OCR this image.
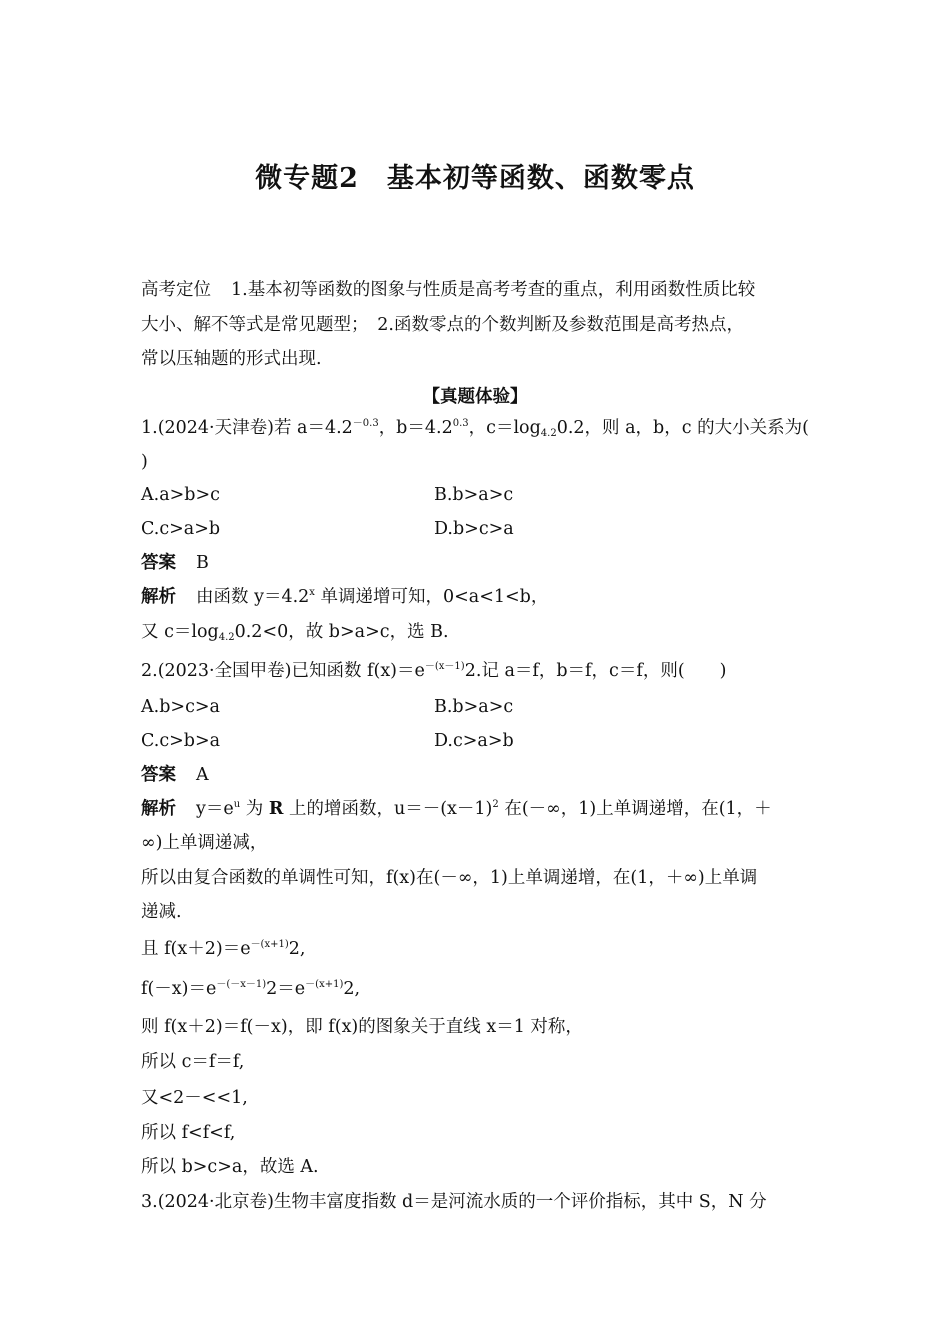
微专题2　基本初等函数、函数零点
高考定位 1.基本初等函数的图象与性质是高考考查的重点，利用函数性质比较
大小、解不等式是常见题型；　2.函数零点的个数判断及参数范围是高考热点，
常以压轴题的形式出现.
【真题体验】
1.(2024·天津卷)若 $a=4.2^{-0.3}$，$b=4.2^{0.3}$，$c=\log_{4.2}0.2$，则 a，b，c 的大小关系为(
)
A.a>b>c	B.b>a>c
C.c>a>b	D.b>c>a
答案 B
解析 由函数 $y=4.2^x$ 单调递增可知，0<a<1<b，
又 $c=\log_{4.2}0.2<0$，故 b>a>c，选 B.
2.(2023·全国甲卷)已知函数 $f(x)=e^{-(x-1)}2$.记 a＝f，b＝f，c＝f，则(　　)
A.b>c>a	B.b>a>c
C.c>b>a	D.c>a>b
答案 A
解析 $y=e^u$ 为 R 上的增函数，$u=-(x-1)^2$ 在(－∞，1)上单调递增，在(1，＋
∞)上单调递减，
所以由复合函数的单调性可知，f(x)在(－∞，1)上单调递增，在(1，＋∞)上单调
递减.
且 $f(x+2)=e^{-(x+1)}2$,
$f(-x)=e^{-(-x-1)}2=e^{-(x+1)}2$,
则 f(x＋2)＝f(－x)，即 f(x)的图象关于直线 x＝1 对称，
所以 c＝f＝f,
又<2－<<1,
所以 f<f<f,
所以 b>c>a，故选 A.
3.(2024·北京卷)生物丰富度指数 d＝是河流水质的一个评价指标，其中 S，N 分
